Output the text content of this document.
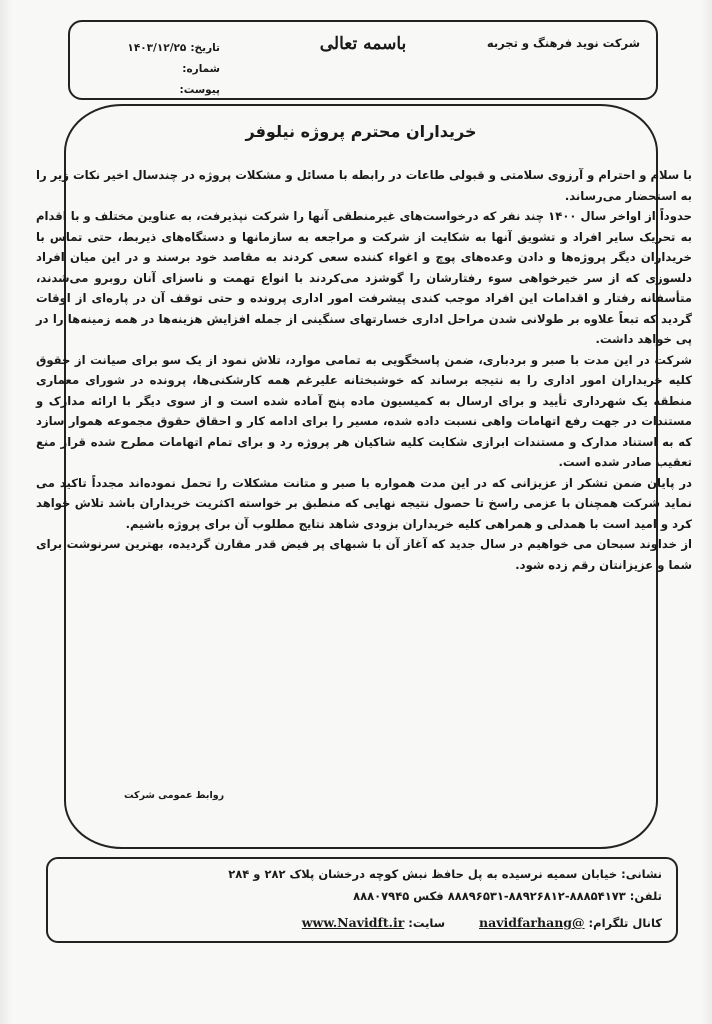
شرکت نوید فرهنگ و تجربه
باسمه تعالی
تاریخ:۱۴۰۳/۱۲/۲۵
شماره:
پیوست:
خریداران محترم پروژه نیلوفر

با سلام و احترام و آرزوی سلامتی و قبولی طاعات در رابطه با مسائل و مشکلات پروژه در چندسال اخیر نکات زیر را به استحضار می‌رساند.

حدوداً از اواخر سال ۱۴۰۰ چند نفر که درخواست‌های غیرمنطقی آنها را شرکت نپذیرفت، به عناوین مختلف و با اقدام به تحریک سایر افراد و تشویق آنها به شکایت از شرکت و مراجعه به سازمانها و دستگاه‌های ذیربط، حتی تماس با خریداران دیگر پروژه‌ها و دادن وعده‌های پوچ و اغواء کننده سعی کردند به مقاصد خود برسند و در این میان افراد دلسوزی که از سر خیرخواهی سوء رفتارشان را گوشزد می‌کردند با انواع تهمت و ناسزای آنان روبرو می‌شدند، متأسفانه رفتار و اقدامات این افراد موجب کندی پیشرفت امور اداری پرونده و حتی توقف آن در پاره‌ای از اوقات گردید که تبعاً علاوه بر طولانی شدن مراحل اداری خسارتهای سنگینی از جمله افزایش هزینه‌ها در همه زمینه‌ها را در پی خواهد داشت.

شرکت در این مدت با صبر و بردباری، ضمن پاسخگویی به تمامی موارد، تلاش نمود از یک سو برای صیانت از حقوق کلیه خریداران امور اداری را به نتیجه برساند که خوشبختانه علیرغم همه کارشکنی‌ها، پرونده در شورای معماری منطقه یک شهرداری تأیید و برای ارسال به کمیسیون ماده پنج آماده شده است و از سوی دیگر با ارائه مدارک و مستندات در جهت رفع اتهامات واهی نسبت داده شده، مسیر را برای ادامه کار و احقاق حقوق مجموعه هموار سازد که به استناد مدارک و مستندات ابرازی شکایت کلیه شاکیان هر پروژه رد و برای تمام اتهامات مطرح شده قرار منع تعقیب صادر شده است.

در پایان ضمن تشکر از عزیزانی که در این مدت همواره با صبر و متانت مشکلات را تحمل نموده‌اند مجدداً تاکید می نماید شرکت همچنان با عزمی راسخ تا حصول نتیجه نهایی که منطبق بر خواسته اکثریت خریداران باشد تلاش خواهد کرد و امید است با همدلی و همراهی کلیه خریداران بزودی شاهد نتایج مطلوب آن برای پروژه باشیم.

از خداوند سبحان می خواهیم در سال جدید که آغاز آن با شبهای پر فیض قدر مقارن گردیده، بهترین سرنوشت برای شما و عزیزانتان رقم زده شود.

روابط عمومی شرکت
نشانی:خیابان سمیه نرسیده به پل حافظ نبش کوچه درخشان پلاک ۲۸۲ و ۲۸۴
تلفن:۸۸۸۵۴۱۷۳-۸۸۹۲۶۸۱۲-۸۸۸۹۶۵۳۱ فکس ۸۸۸۰۷۹۴۵
کانال تلگرام:@navidfarhangسایت:www.Navidft.ir
